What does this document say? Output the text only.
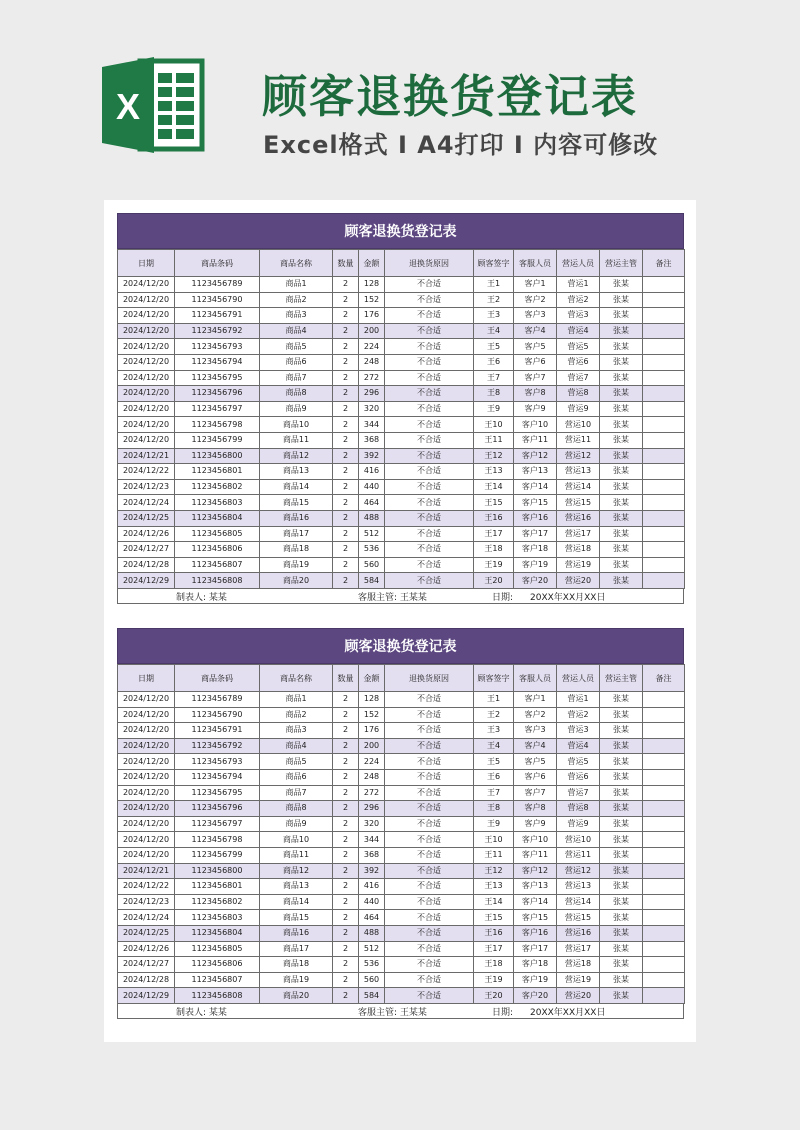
X	顾客退换货登记表
Excel格式 I A4打印 I 内容可修改
顾客退换货登记表
日期	商品条码	商品名称	数量	金额	退换货原因	顾客签字	客服人员	营运人员	营运主管	备注
2024/12/20	1123456789	商品1	2	128	不合适	王1	客户1	营运1	张某	
2024/12/20	1123456790	商品2	2	152	不合适	王2	客户2	营运2	张某	
2024/12/20	1123456791	商品3	2	176	不合适	王3	客户3	营运3	张某	
2024/12/20	1123456792	商品4	2	200	不合适	王4	客户4	营运4	张某	
2024/12/20	1123456793	商品5	2	224	不合适	王5	客户5	营运5	张某	
2024/12/20	1123456794	商品6	2	248	不合适	王6	客户6	营运6	张某	
2024/12/20	1123456795	商品7	2	272	不合适	王7	客户7	营运7	张某	
2024/12/20	1123456796	商品8	2	296	不合适	王8	客户8	营运8	张某	
2024/12/20	1123456797	商品9	2	320	不合适	王9	客户9	营运9	张某	
2024/12/20	1123456798	商品10	2	344	不合适	王10	客户10	营运10	张某	
2024/12/20	1123456799	商品11	2	368	不合适	王11	客户11	营运11	张某	
2024/12/21	1123456800	商品12	2	392	不合适	王12	客户12	营运12	张某	
2024/12/22	1123456801	商品13	2	416	不合适	王13	客户13	营运13	张某	
2024/12/23	1123456802	商品14	2	440	不合适	王14	客户14	营运14	张某	
2024/12/24	1123456803	商品15	2	464	不合适	王15	客户15	营运15	张某	
2024/12/25	1123456804	商品16	2	488	不合适	王16	客户16	营运16	张某	
2024/12/26	1123456805	商品17	2	512	不合适	王17	客户17	营运17	张某	
2024/12/27	1123456806	商品18	2	536	不合适	王18	客户18	营运18	张某	
2024/12/28	1123456807	商品19	2	560	不合适	王19	客户19	营运19	张某	
2024/12/29	1123456808	商品20	2	584	不合适	王20	客户20	营运20	张某	
制表人: 某某	客服主管: 王某某	日期: 20XX年XX月XX日
顾客退换货登记表
日期	商品条码	商品名称	数量	金额	退换货原因	顾客签字	客服人员	营运人员	营运主管	备注
2024/12/20	1123456789	商品1	2	128	不合适	王1	客户1	营运1	张某	
2024/12/20	1123456790	商品2	2	152	不合适	王2	客户2	营运2	张某	
2024/12/20	1123456791	商品3	2	176	不合适	王3	客户3	营运3	张某	
2024/12/20	1123456792	商品4	2	200	不合适	王4	客户4	营运4	张某	
2024/12/20	1123456793	商品5	2	224	不合适	王5	客户5	营运5	张某	
2024/12/20	1123456794	商品6	2	248	不合适	王6	客户6	营运6	张某	
2024/12/20	1123456795	商品7	2	272	不合适	王7	客户7	营运7	张某	
2024/12/20	1123456796	商品8	2	296	不合适	王8	客户8	营运8	张某	
2024/12/20	1123456797	商品9	2	320	不合适	王9	客户9	营运9	张某	
2024/12/20	1123456798	商品10	2	344	不合适	王10	客户10	营运10	张某	
2024/12/20	1123456799	商品11	2	368	不合适	王11	客户11	营运11	张某	
2024/12/21	1123456800	商品12	2	392	不合适	王12	客户12	营运12	张某	
2024/12/22	1123456801	商品13	2	416	不合适	王13	客户13	营运13	张某	
2024/12/23	1123456802	商品14	2	440	不合适	王14	客户14	营运14	张某	
2024/12/24	1123456803	商品15	2	464	不合适	王15	客户15	营运15	张某	
2024/12/25	1123456804	商品16	2	488	不合适	王16	客户16	营运16	张某	
2024/12/26	1123456805	商品17	2	512	不合适	王17	客户17	营运17	张某	
2024/12/27	1123456806	商品18	2	536	不合适	王18	客户18	营运18	张某	
2024/12/28	1123456807	商品19	2	560	不合适	王19	客户19	营运19	张某	
2024/12/29	1123456808	商品20	2	584	不合适	王20	客户20	营运20	张某	
制表人: 某某	客服主管: 王某某	日期: 20XX年XX月XX日
